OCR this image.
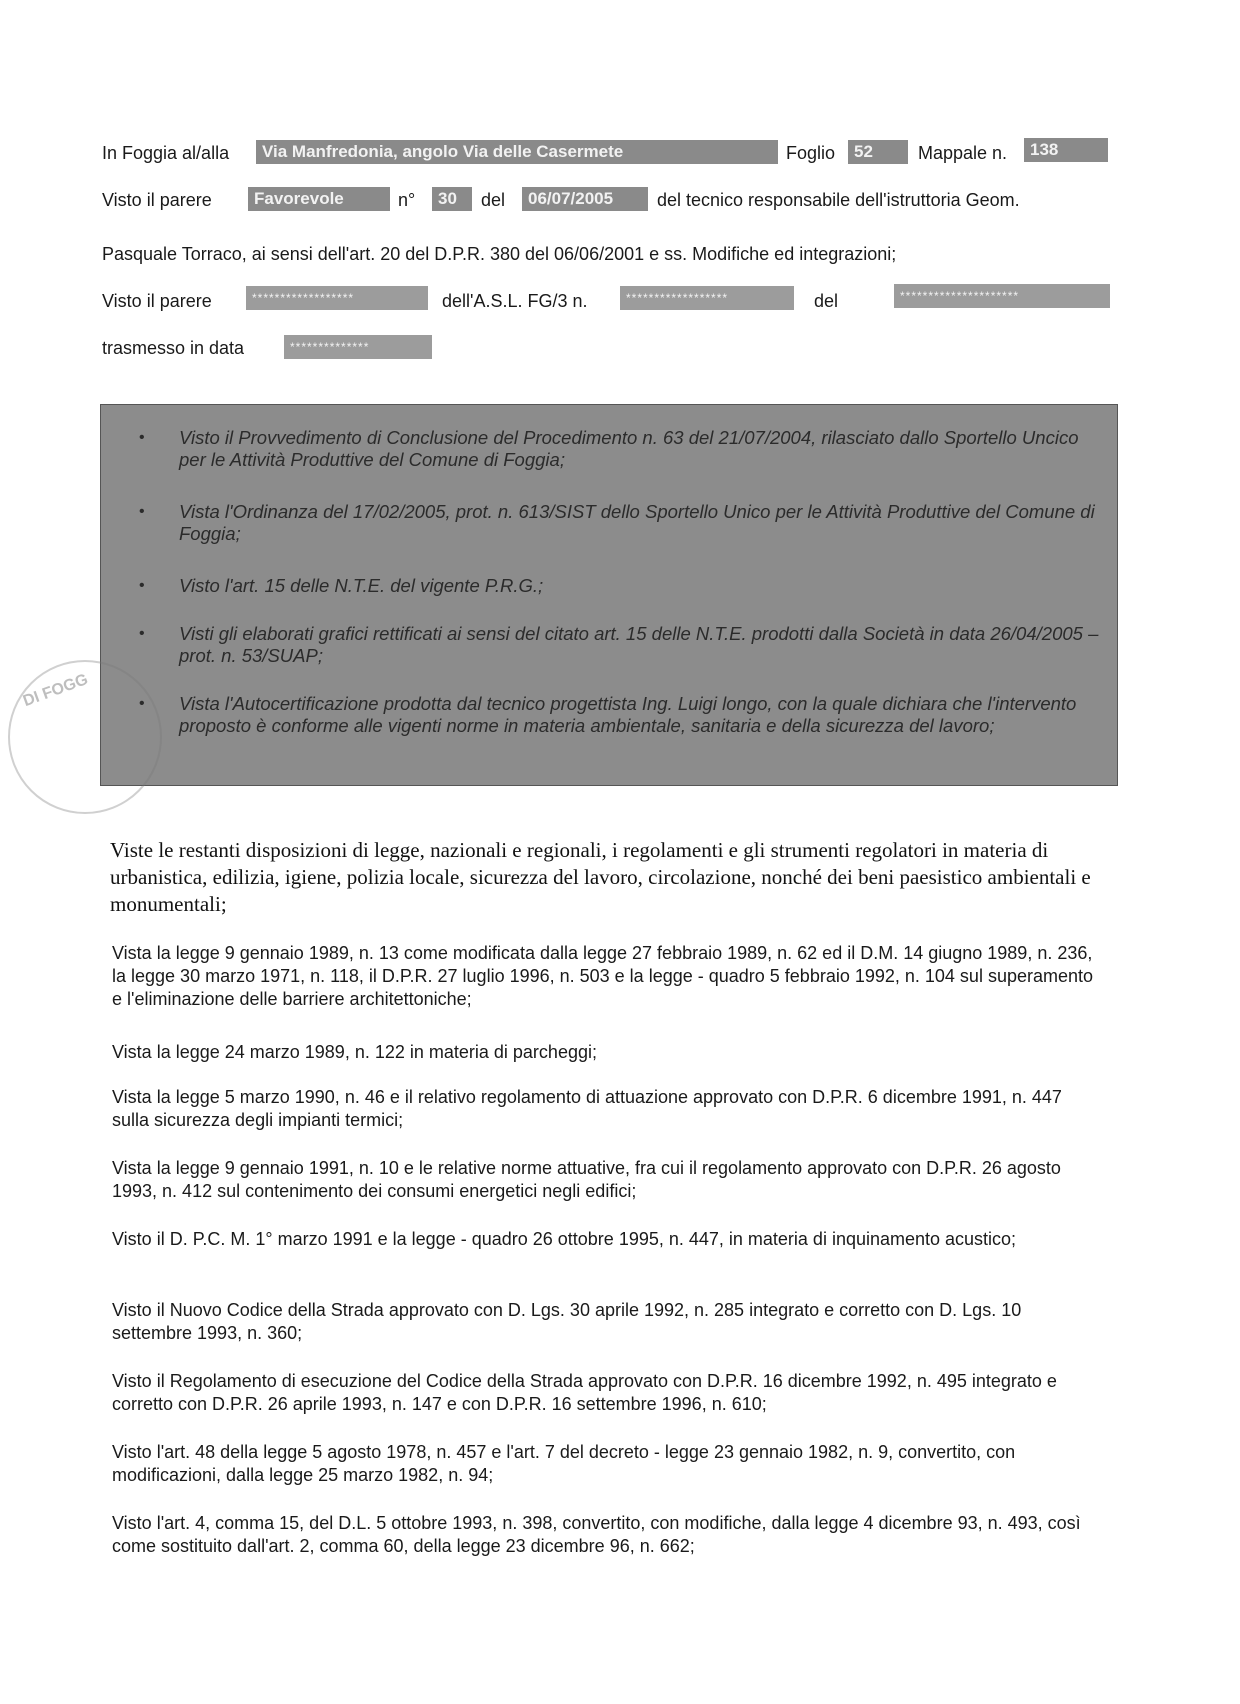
In Foggia al/alla	Via Manfredonia, angolo Via delle Casermete	Foglio	52	Mappale n.	138
Visto il parere	Favorevole	n°	30	del	06/07/2005	del tecnico responsabile dell'istruttoria Geom.
Pasquale Torraco, ai sensi dell'art. 20 del D.P.R. 380 del 06/06/2001 e ss. Modifiche ed integrazioni;
Visto il parere	******************	dell'A.S.L. FG/3 n.	******************	del	*********************
trasmesso in data	**************
• Visto il Provvedimento di Conclusione del Procedimento n. 63 del 21/07/2004, rilasciato dallo Sportello Uncico per le Attività Produttive del Comune di Foggia;
• Vista l'Ordinanza del 17/02/2005, prot. n. 613/SIST dello Sportello Unico per le Attività Produttive del Comune di Foggia;
• Visto l'art. 15 delle N.T.E. del vigente P.R.G.;
• Visti gli elaborati grafici rettificati ai sensi del citato art. 15 delle N.T.E. prodotti dalla Società in data 26/04/2005 – prot. n. 53/SUAP;
• Vista l'Autocertificazione prodotta dal tecnico progettista Ing. Luigi longo, con la quale dichiara che l'intervento proposto è conforme alle vigenti norme in materia ambientale, sanitaria e della sicurezza del lavoro;
DI FOGG
Viste le restanti disposizioni di legge, nazionali e regionali, i regolamenti e gli strumenti regolatori in materia di urbanistica, edilizia, igiene, polizia locale, sicurezza del lavoro, circolazione, nonché dei beni paesistico ambientali e monumentali;
Vista la legge 9 gennaio 1989, n. 13 come modificata dalla legge 27 febbraio 1989, n. 62 ed il D.M. 14 giugno 1989, n. 236, la legge 30 marzo 1971, n. 118, il D.P.R. 27 luglio 1996, n. 503 e la legge - quadro 5 febbraio 1992, n. 104 sul superamento e l'eliminazione delle barriere architettoniche;
Vista la legge 24 marzo 1989, n. 122 in materia di parcheggi;
Vista la legge 5 marzo 1990, n. 46 e il relativo regolamento di attuazione approvato con D.P.R. 6 dicembre 1991, n. 447 sulla sicurezza degli impianti termici;
Vista la legge 9 gennaio 1991, n. 10 e le relative norme attuative, fra cui il regolamento approvato con D.P.R. 26 agosto 1993, n. 412 sul contenimento dei consumi energetici negli edifici;
Visto il D. P.C. M. 1° marzo 1991 e la legge - quadro 26 ottobre 1995, n. 447, in materia di inquinamento acustico;
Visto il Nuovo Codice della Strada approvato con D. Lgs. 30 aprile 1992, n. 285 integrato e corretto con D. Lgs. 10 settembre 1993, n. 360;
Visto il Regolamento di esecuzione del Codice della Strada approvato con D.P.R. 16 dicembre 1992, n. 495 integrato e corretto con D.P.R. 26 aprile 1993, n. 147 e con D.P.R. 16 settembre 1996, n. 610;
Visto l'art. 48 della legge 5 agosto 1978, n. 457 e l'art. 7 del decreto - legge 23 gennaio 1982, n. 9, convertito, con modificazioni, dalla legge 25 marzo 1982, n. 94;
Visto l'art. 4, comma 15, del D.L. 5 ottobre 1993, n. 398, convertito, con modifiche, dalla legge 4 dicembre 93, n. 493, così come sostituito dall'art. 2, comma 60, della legge 23 dicembre 96, n. 662;
